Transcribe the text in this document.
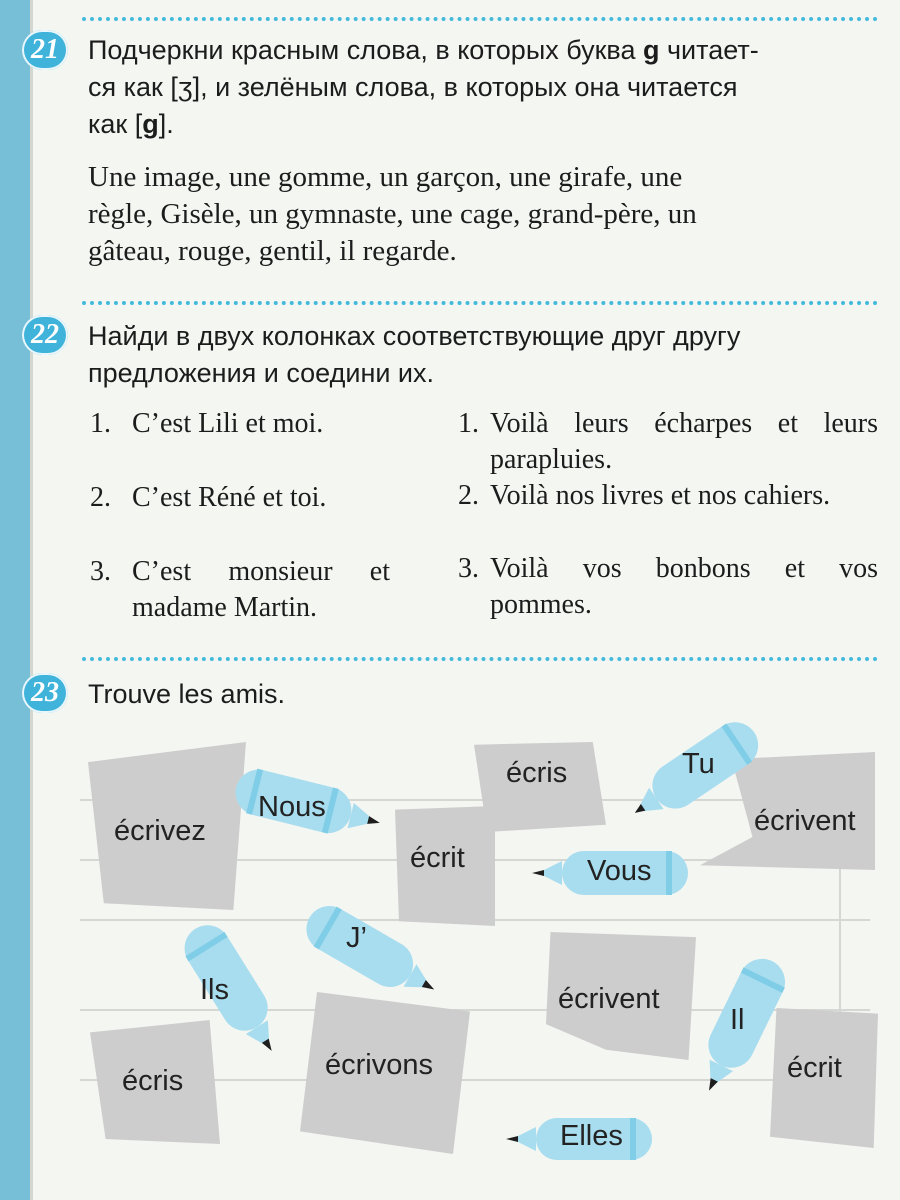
21	Подчеркни красным слова, в которых буква g читает-
ся как [ʒ], и зелёным слова, в которых она читается
как [g].
Une image, une gomme, un garçon, une girafe, une
règle, Gisèle, un gymnaste, une cage, grand-père, un
gâteau, rouge, gentil, il regarde.
22	Найди в двух колонках соответствующие друг другу
предложения и соедини их.
1. C’est Lili et moi.
2. C’est Réné et toi.
3. C’est monsieur et madame Martin.
1. Voilà leurs écharpes et leurs parapluies.
2. Voilà nos livres et nos cahiers.
3. Voilà vos bonbons et vos pommes.
23	Trouve les amis.
écrivez
écrit
écris
écrivent
écrivent
écris	écrivons	écrit
Nous
Tu
Vous
J’
Ils
Il
Elles
